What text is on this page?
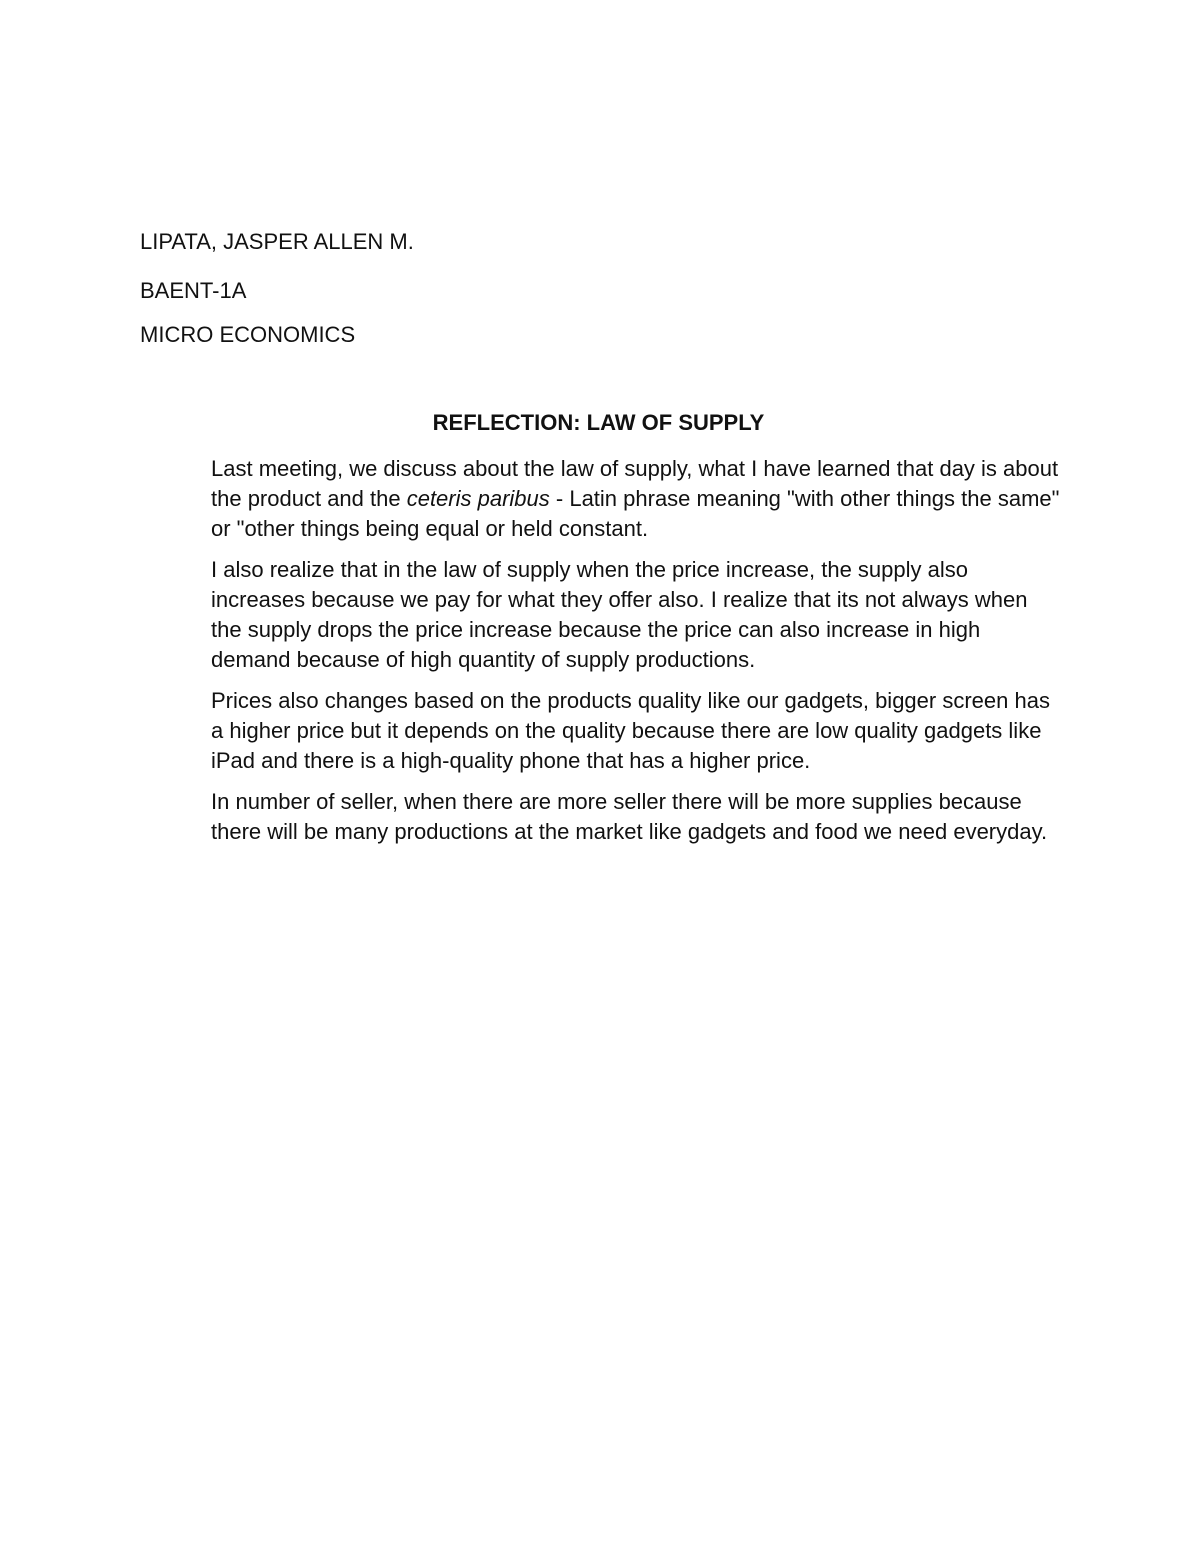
LIPATA, JASPER ALLEN M.

BAENT-1A

MICRO ECONOMICS

REFLECTION: LAW OF SUPPLY

Last meeting, we discuss about the law of supply, what I have learned that day is about the product and the ceteris paribus - Latin phrase meaning "with other things the same" or "other things being equal or held constant.

I also realize that in the law of supply when the price increase, the supply also increases because we pay for what they offer also. I realize that its not always when the supply drops the price increase because the price can also increase in high demand because of high quantity of supply productions.

Prices also changes based on the products quality like our gadgets, bigger screen has a higher price but it depends on the quality because there are low quality gadgets like iPad and there is a high-quality phone that has a higher price.

In number of seller, when there are more seller there will be more supplies because there will be many productions at the market like gadgets and food we need everyday.
